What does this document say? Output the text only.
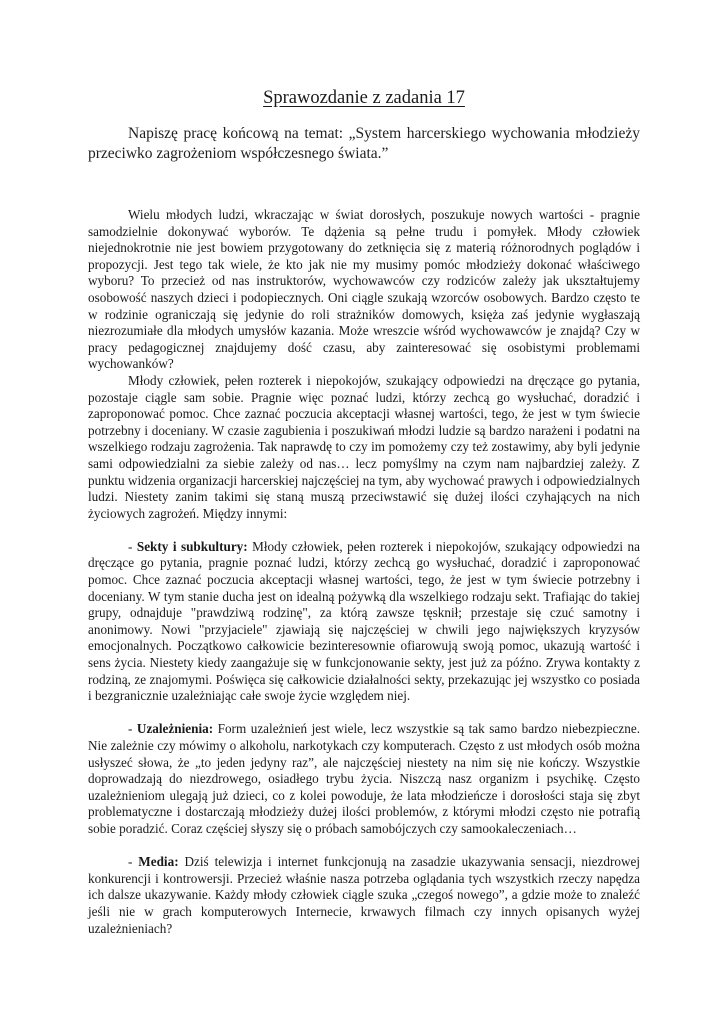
Sprawozdanie z zadania 17

Napiszę pracę końcową na temat: „System harcerskiego wychowania młodzieży przeciwko zagrożeniom współczesnego świata.”

Wielu młodych ludzi, wkraczając w świat dorosłych, poszukuje nowych wartości - pragnie samodzielnie dokonywać wyborów. Te dążenia są pełne trudu i pomyłek. Młody człowiek niejednokrotnie nie jest bowiem przygotowany do zetknięcia się z materią różnorodnych poglądów i propozycji. Jest tego tak wiele, że kto jak nie my musimy pomóc młodzieży dokonać właściwego wyboru? To przecież od nas instruktorów, wychowawców czy rodziców zależy jak ukształtujemy osobowość naszych dzieci i podopiecznych. Oni ciągle szukają wzorców osobowych. Bardzo często te w rodzinie ograniczają się jedynie do roli strażników domowych, księża zaś jedynie wygłaszają niezrozumiałe dla młodych umysłów kazania. Może wreszcie wśród wychowawców je znajdą? Czy w pracy pedagogicznej znajdujemy dość czasu, aby zainteresować się osobistymi problemami wychowanków?

Młody człowiek, pełen rozterek i niepokojów, szukający odpowiedzi na dręczące go pytania, pozostaje ciągle sam sobie. Pragnie więc poznać ludzi, którzy zechcą go wysłuchać, doradzić i zaproponować pomoc. Chce zaznać poczucia akceptacji własnej wartości, tego, że jest w tym świecie potrzebny i doceniany. W czasie zagubienia i poszukiwań młodzi ludzie są bardzo narażeni i podatni na wszelkiego rodzaju zagrożenia. Tak naprawdę to czy im pomożemy czy też zostawimy, aby byli jedynie sami odpowiedzialni za siebie zależy od nas… lecz pomyślmy na czym nam najbardziej zależy. Z punktu widzenia organizacji harcerskiej najczęściej na tym, aby wychować prawych i odpowiedzialnych ludzi. Niestety zanim takimi się staną muszą przeciwstawić się dużej ilości czyhających na nich życiowych zagrożeń. Między innymi:

- Sekty i subkultury: Młody człowiek, pełen rozterek i niepokojów, szukający odpowiedzi na dręczące go pytania, pragnie poznać ludzi, którzy zechcą go wysłuchać, doradzić i zaproponować pomoc. Chce zaznać poczucia akceptacji własnej wartości, tego, że jest w tym świecie potrzebny i doceniany. W tym stanie ducha jest on idealną pożywką dla wszelkiego rodzaju sekt. Trafiając do takiej grupy, odnajduje "prawdziwą rodzinę", za którą zawsze tęsknił; przestaje się czuć samotny i anonimowy. Nowi "przyjaciele" zjawiają się najczęściej w chwili jego największych kryzysów emocjonalnych. Początkowo całkowicie bezinteresownie ofiarowują swoją pomoc, ukazują wartość i sens życia. Niestety kiedy zaangażuje się w funkcjonowanie sekty, jest już za późno. Zrywa kontakty z rodziną, ze znajomymi. Poświęca się całkowicie działalności sekty, przekazując jej wszystko co posiada i bezgranicznie uzależniając całe swoje życie względem niej.

- Uzależnienia: Form uzależnień jest wiele, lecz wszystkie są tak samo bardzo niebezpieczne. Nie zależnie czy mówimy o alkoholu, narkotykach czy komputerach. Często z ust młodych osób można usłyszeć słowa, że „to jeden jedyny raz”, ale najczęściej niestety na nim się nie kończy. Wszystkie doprowadzają do niezdrowego, osiadłego trybu życia. Niszczą nasz organizm i psychikę. Często uzależnieniom ulegają już dzieci, co z kolei powoduje, że lata młodzieńcze i dorosłości staja się zbyt problematyczne i dostarczają młodzieży dużej ilości problemów, z którymi młodzi często nie potrafią sobie poradzić. Coraz częściej słyszy się o próbach samobójczych czy samookaleczeniach…

- Media: Dziś telewizja i internet funkcjonują na zasadzie ukazywania sensacji, niezdrowej konkurencji i kontrowersji. Przecież właśnie nasza potrzeba oglądania tych wszystkich rzeczy napędza ich dalsze ukazywanie. Każdy młody człowiek ciągle szuka „czegoś nowego”, a gdzie może to znaleźć jeśli nie w grach komputerowych Internecie, krwawych filmach czy innych opisanych wyżej uzależnieniach?
